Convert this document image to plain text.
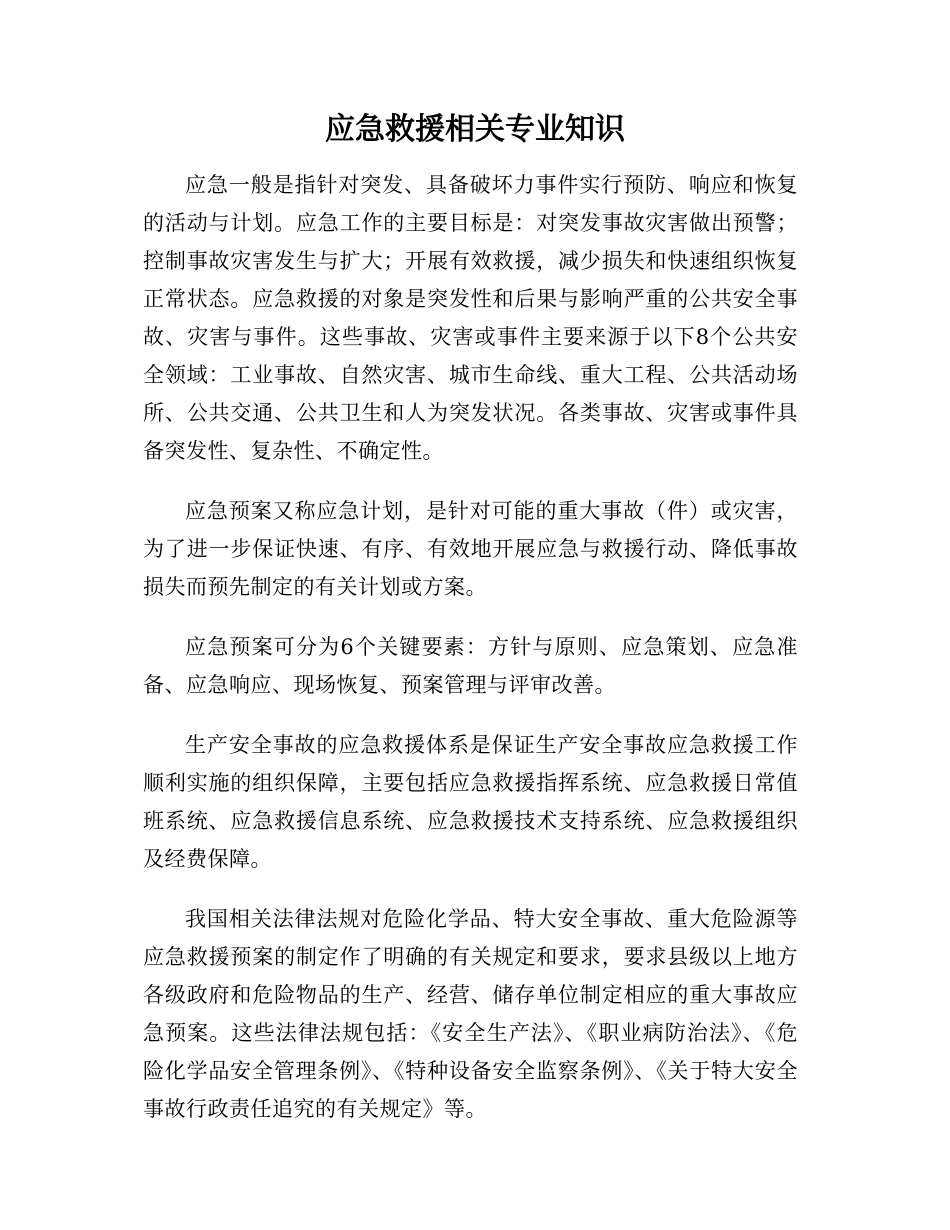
应急救援相关专业知识

应急一般是指针对突发、具备破坏力事件实行预防、响应和恢复的活动与计划。应急工作的主要目标是：对突发事故灾害做出预警；控制事故灾害发生与扩大；开展有效救援，减少损失和快速组织恢复正常状态。应急救援的对象是突发性和后果与影响严重的公共安全事故、灾害与事件。这些事故、灾害或事件主要来源于以下8个公共安全领域：工业事故、自然灾害、城市生命线、重大工程、公共活动场所、公共交通、公共卫生和人为突发状况。各类事故、灾害或事件具备突发性、复杂性、不确定性。

应急预案又称应急计划，是针对可能的重大事故（件）或灾害，为了进一步保证快速、有序、有效地开展应急与救援行动、降低事故损失而预先制定的有关计划或方案。

应急预案可分为6个关键要素：方针与原则、应急策划、应急准备、应急响应、现场恢复、预案管理与评审改善。

生产安全事故的应急救援体系是保证生产安全事故应急救援工作顺利实施的组织保障，主要包括应急救援指挥系统、应急救援日常值班系统、应急救援信息系统、应急救援技术支持系统、应急救援组织及经费保障。

我国相关法律法规对危险化学品、特大安全事故、重大危险源等应急救援预案的制定作了明确的有关规定和要求，要求县级以上地方各级政府和危险物品的生产、经营、储存单位制定相应的重大事故应急预案。这些法律法规包括：《安全生产法》、《职业病防治法》、《危险化学品安全管理条例》、《特种设备安全监察条例》、《关于特大安全事故行政责任追究的有关规定》等。
